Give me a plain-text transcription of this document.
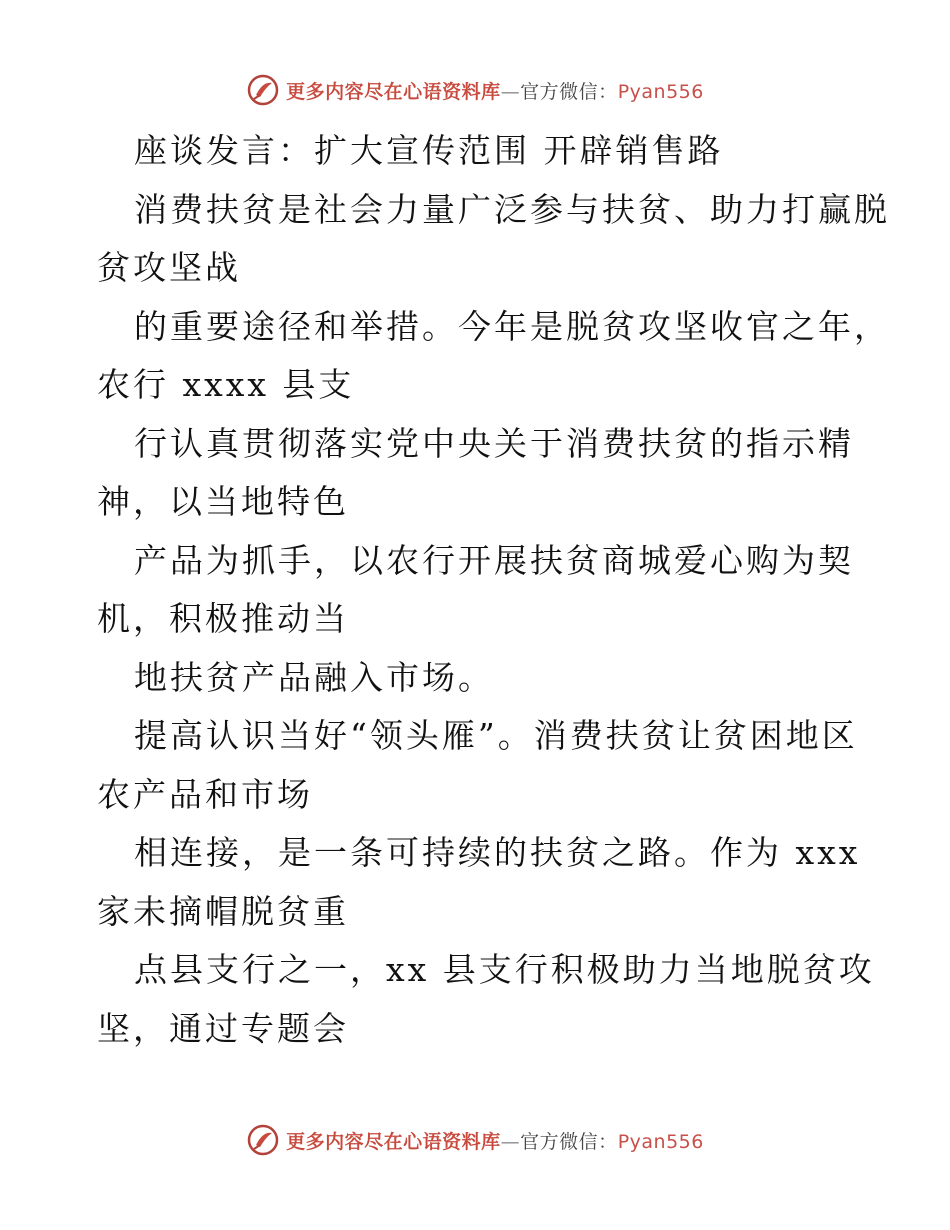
更多内容尽在心语资料库—官方微信：Pyan556
座谈发言：扩大宣传范围 开辟销售路
消费扶贫是社会力量广泛参与扶贫、助力打赢脱
贫攻坚战
的重要途径和举措。今年是脱贫攻坚收官之年，
农行 xxxx 县支
行认真贯彻落实党中央关于消费扶贫的指示精
神，以当地特色
产品为抓手，以农行开展扶贫商城爱心购为契
机，积极推动当
地扶贫产品融入市场。
提高认识当好“领头雁”。消费扶贫让贫困地区
农产品和市场
相连接，是一条可持续的扶贫之路。作为 xxx
家未摘帽脱贫重
点县支行之一，xx 县支行积极助力当地脱贫攻
坚，通过专题会
更多内容尽在心语资料库—官方微信：Pyan556
